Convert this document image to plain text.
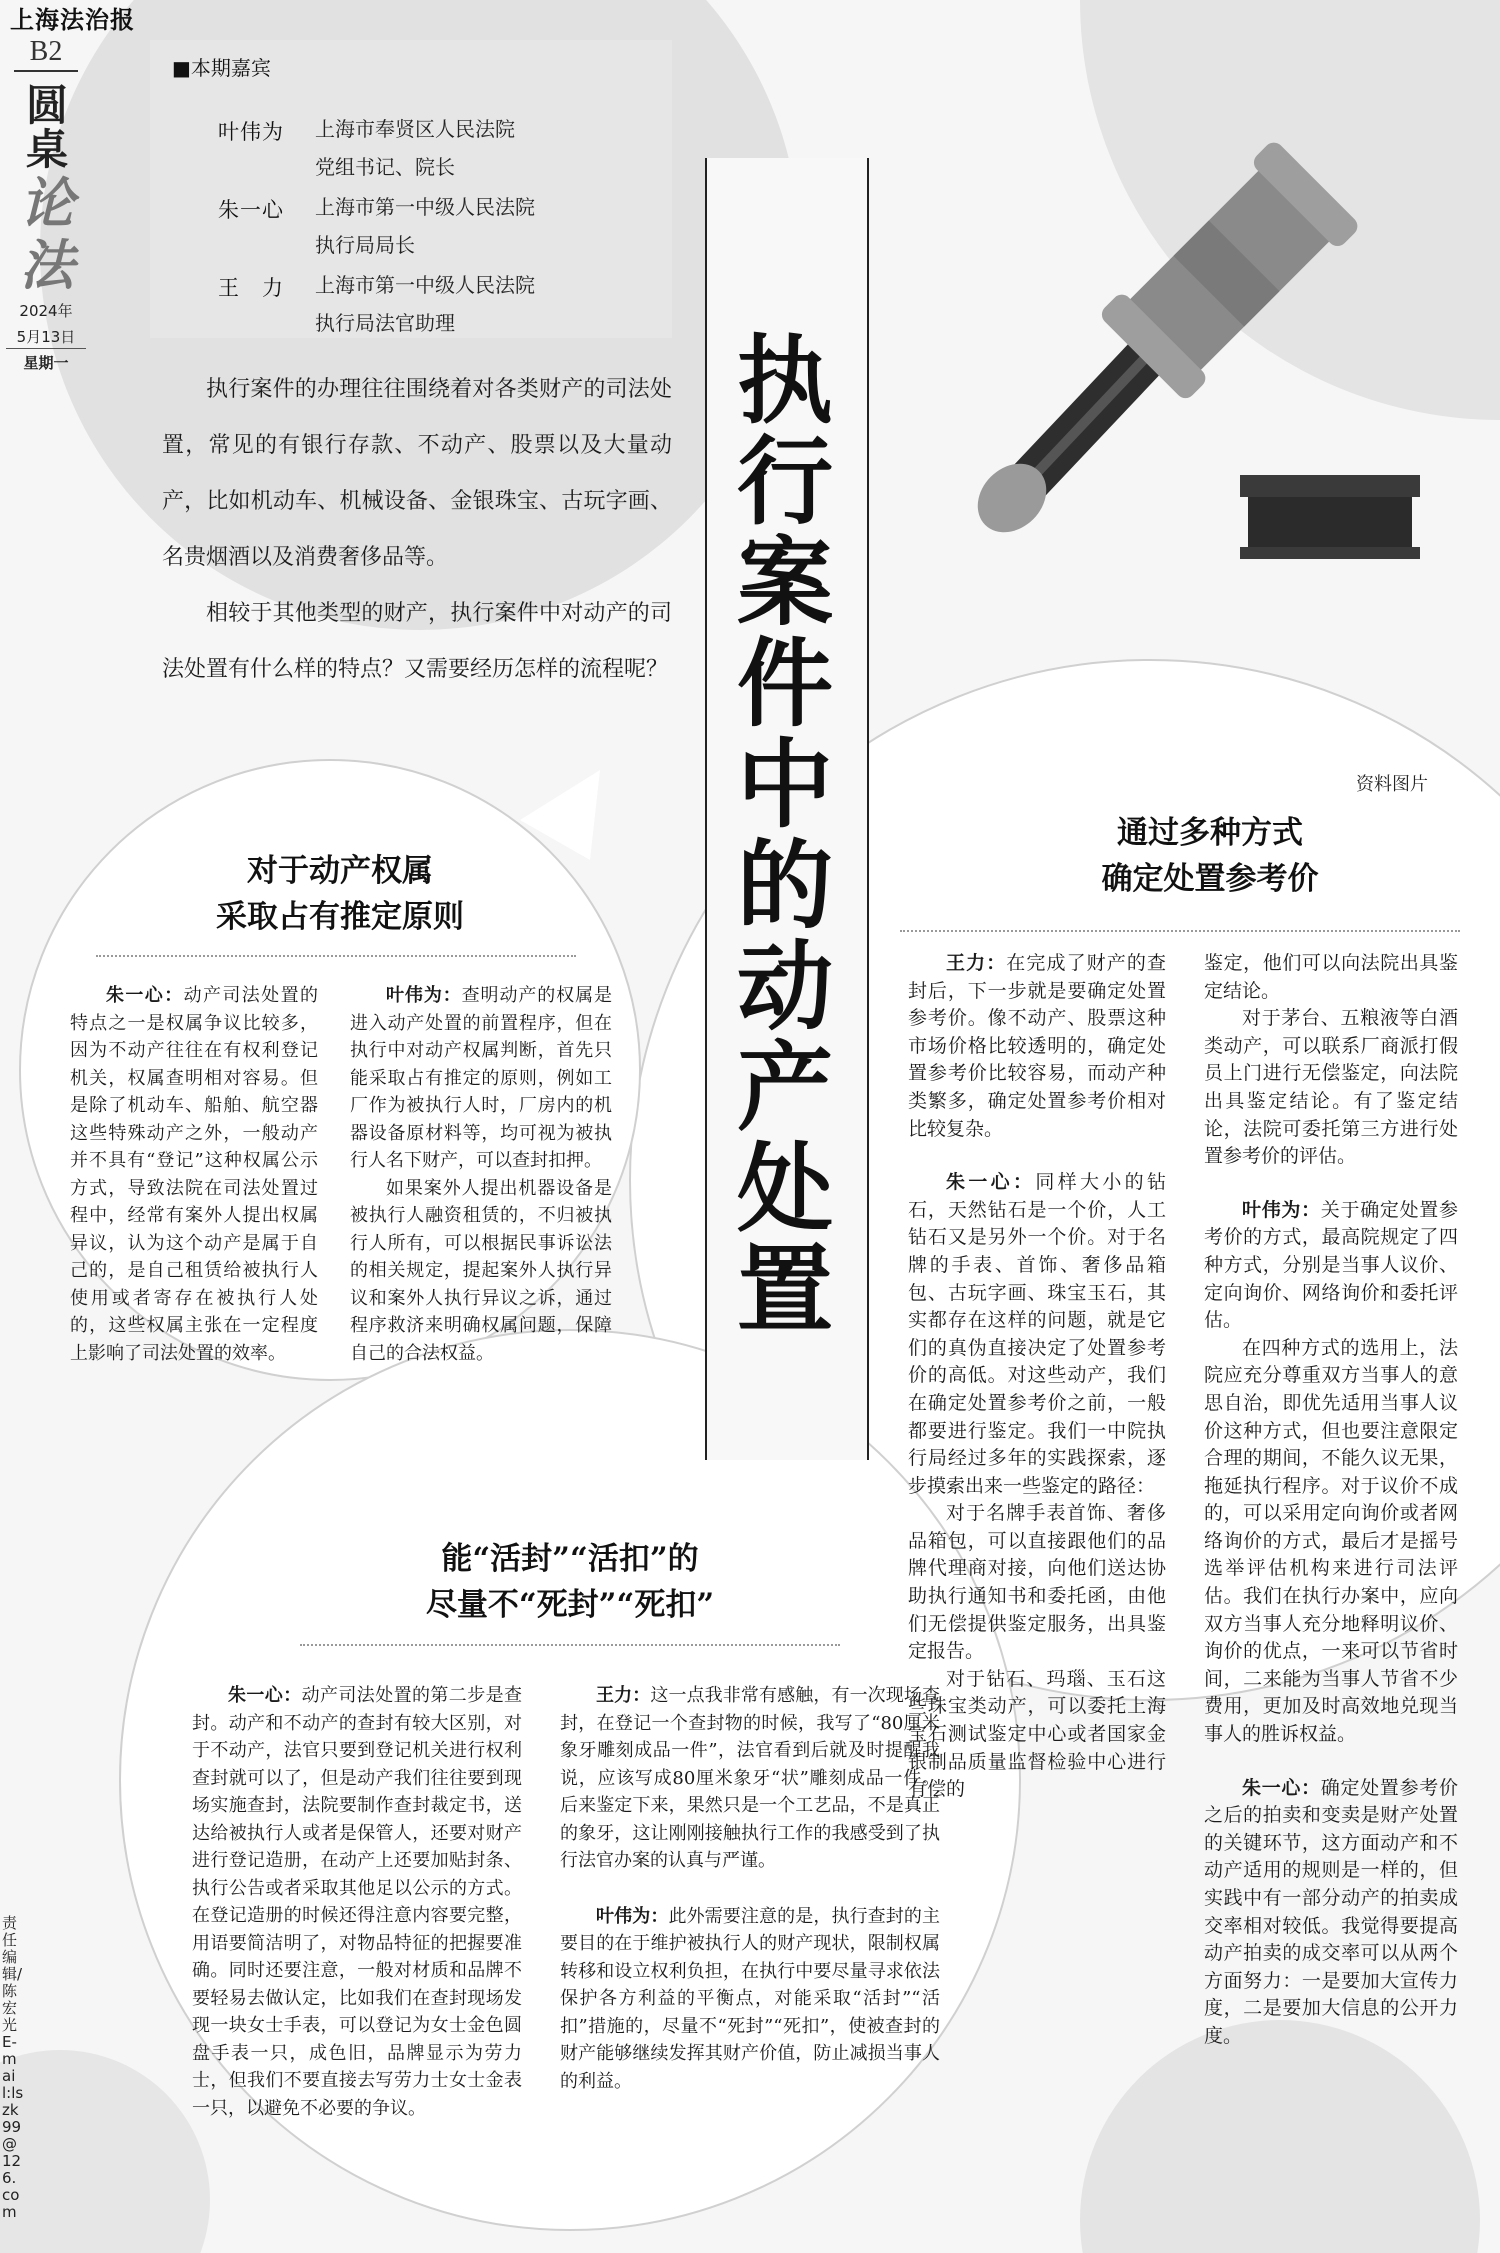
上海法治报
B2
圆
桌
论
法
2024年
5月13日
星期一
■本期嘉宾
叶伟为	上海市奉贤区人民法院
党组书记、院长
朱一心	上海市第一中级人民法院
执行局局长
王　力	上海市第一中级人民法院
执行局法官助理

执行案件的办理往往围绕着对各类财产的司法处置，常见的有银行存款、不动产、股票以及大量动产，比如机动车、机械设备、金银珠宝、古玩字画、名贵烟酒以及消费奢侈品等。

相较于其他类型的财产，执行案件中对动产的司法处置有什么样的特点？又需要经历怎样的流程呢？

执
行
案
件
中
的
动
产
处
置
资料图片
对于动产权属
采取占有推定原则

朱一心：动产司法处置的特点之一是权属争议比较多，因为不动产往往在有权利登记机关，权属查明相对容易。但是除了机动车、船舶、航空器这些特殊动产之外，一般动产并不具有“登记”这种权属公示方式，导致法院在司法处置过程中，经常有案外人提出权属异议，认为这个动产是属于自己的，是自己租赁给被执行人使用或者寄存在被执行人处的，这些权属主张在一定程度上影响了司法处置的效率。

叶伟为：查明动产的权属是进入动产处置的前置程序，但在执行中对动产权属判断，首先只能采取占有推定的原则，例如工厂作为被执行人时，厂房内的机器设备原材料等，均可视为被执行人名下财产，可以查封扣押。

如果案外人提出机器设备是被执行人融资租赁的，不归被执行人所有，可以根据民事诉讼法的相关规定，提起案外人执行异议和案外人执行异议之诉，通过程序救济来明确权属问题，保障自己的合法权益。

能“活封”“活扣”的
尽量不“死封”“死扣”

朱一心：动产司法处置的第二步是查封。动产和不动产的查封有较大区别，对于不动产，法官只要到登记机关进行权利查封就可以了，但是动产我们往往要到现场实施查封，法院要制作查封裁定书，送达给被执行人或者是保管人，还要对财产进行登记造册，在动产上还要加贴封条、执行公告或者采取其他足以公示的方式。在登记造册的时候还得注意内容要完整，用语要简洁明了，对物品特征的把握要准确。同时还要注意，一般对材质和品牌不要轻易去做认定，比如我们在查封现场发现一块女士手表，可以登记为女士金色圆盘手表一只，成色旧，品牌显示为劳力士，但我们不要直接去写劳力士女士金表一只，以避免不必要的争议。

王力：这一点我非常有感触，有一次现场查封，在登记一个查封物的时候，我写了“80厘米象牙雕刻成品一件”，法官看到后就及时提醒我说，应该写成80厘米象牙“状”雕刻成品一件。后来鉴定下来，果然只是一个工艺品，不是真正的象牙，这让刚刚接触执行工作的我感受到了执行法官办案的认真与严谨。

叶伟为：此外需要注意的是，执行查封的主要目的在于维护被执行人的财产现状，限制权属转移和设立权利负担，在执行中要尽量寻求依法保护各方利益的平衡点，对能采取“活封”“活扣”措施的，尽量不“死封”“死扣”，使被查封的财产能够继续发挥其财产价值，防止减损当事人的利益。

通过多种方式
确定处置参考价

王力：在完成了财产的查封后，下一步就是要确定处置参考价。像不动产、股票这种市场价格比较透明的，确定处置参考价比较容易，而动产种类繁多，确定处置参考价相对比较复杂。

朱一心：同样大小的钻石，天然钻石是一个价，人工钻石又是另外一个价。对于名牌的手表、首饰、奢侈品箱包、古玩字画、珠宝玉石，其实都存在这样的问题，就是它们的真伪直接决定了处置参考价的高低。对这些动产，我们在确定处置参考价之前，一般都要进行鉴定。我们一中院执行局经过多年的实践探索，逐步摸索出来一些鉴定的路径：

对于名牌手表首饰、奢侈品箱包，可以直接跟他们的品牌代理商对接，向他们送达协助执行通知书和委托函，由他们无偿提供鉴定服务，出具鉴定报告。

对于钻石、玛瑙、玉石这些珠宝类动产，可以委托上海宝石测试鉴定中心或者国家金银制品质量监督检验中心进行有偿的

鉴定，他们可以向法院出具鉴定结论。

对于茅台、五粮液等白酒类动产，可以联系厂商派打假员上门进行无偿鉴定，向法院出具鉴定结论。有了鉴定结论，法院可委托第三方进行处置参考价的评估。

叶伟为：关于确定处置参考价的方式，最高院规定了四种方式，分别是当事人议价、定向询价、网络询价和委托评估。

在四种方式的选用上，法院应充分尊重双方当事人的意思自治，即优先适用当事人议价这种方式，但也要注意限定合理的期间，不能久议无果，拖延执行程序。对于议价不成的，可以采用定向询价或者网络询价的方式，最后才是摇号选举评估机构来进行司法评估。我们在执行办案中，应向双方当事人充分地释明议价、询价的优点，一来可以节省时间，二来能为当事人节省不少费用，更加及时高效地兑现当事人的胜诉权益。

朱一心：确定处置参考价之后的拍卖和变卖是财产处置的关键环节，这方面动产和不动产适用的规则是一样的，但实践中有一部分动产的拍卖成交率相对较低。我觉得要提高动产拍卖的成交率可以从两个方面努力：一是要加大宣传力度，二是要加大信息的公开力度。

责任编辑/陈宏光 E-mail:lszk99@126.com
